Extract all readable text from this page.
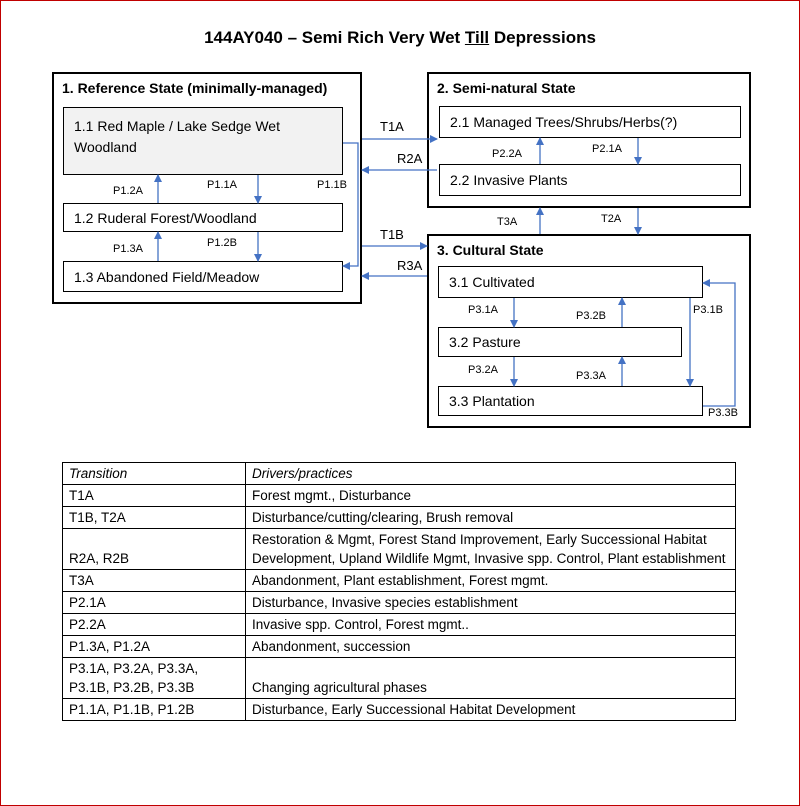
144AY040 – Semi Rich Very Wet Till Depressions
1. Reference State (minimally-managed)
1.1 Red Maple / Lake Sedge Wet Woodland
1.2 Ruderal Forest/Woodland
1.3 Abandoned Field/Meadow
2. Semi-natural State
2.1 Managed Trees/Shrubs/Herbs(?)
2.2 Invasive Plants
3. Cultural State
3.1 Cultivated
3.2 Pasture
3.3 Plantation
T1A
R2A
T1B
R3A
T3A	T2A
P1.2A	P1.1A	P1.1B
P1.3A	P1.2B
P2.2A	P2.1A
P3.1A	P3.2B	P3.1B
P3.2A	P3.3A
P3.3B
Transition	Drivers/practices
T1A	Forest mgmt., Disturbance
T1B, T2A	Disturbance/cutting/clearing, Brush removal
R2A, R2B	Restoration & Mgmt, Forest Stand Improvement, Early Successional Habitat Development, Upland Wildlife Mgmt, Invasive spp. Control, Plant establishment
T3A	Abandonment, Plant establishment, Forest mgmt.
P2.1A	Disturbance, Invasive species establishment
P2.2A	Invasive spp. Control, Forest mgmt..
P1.3A, P1.2A	Abandonment, succession
P3.1A, P3.2A, P3.3A, P3.1B, P3.2B, P3.3B	Changing agricultural phases
P1.1A, P1.1B, P1.2B	Disturbance, Early Successional Habitat Development
